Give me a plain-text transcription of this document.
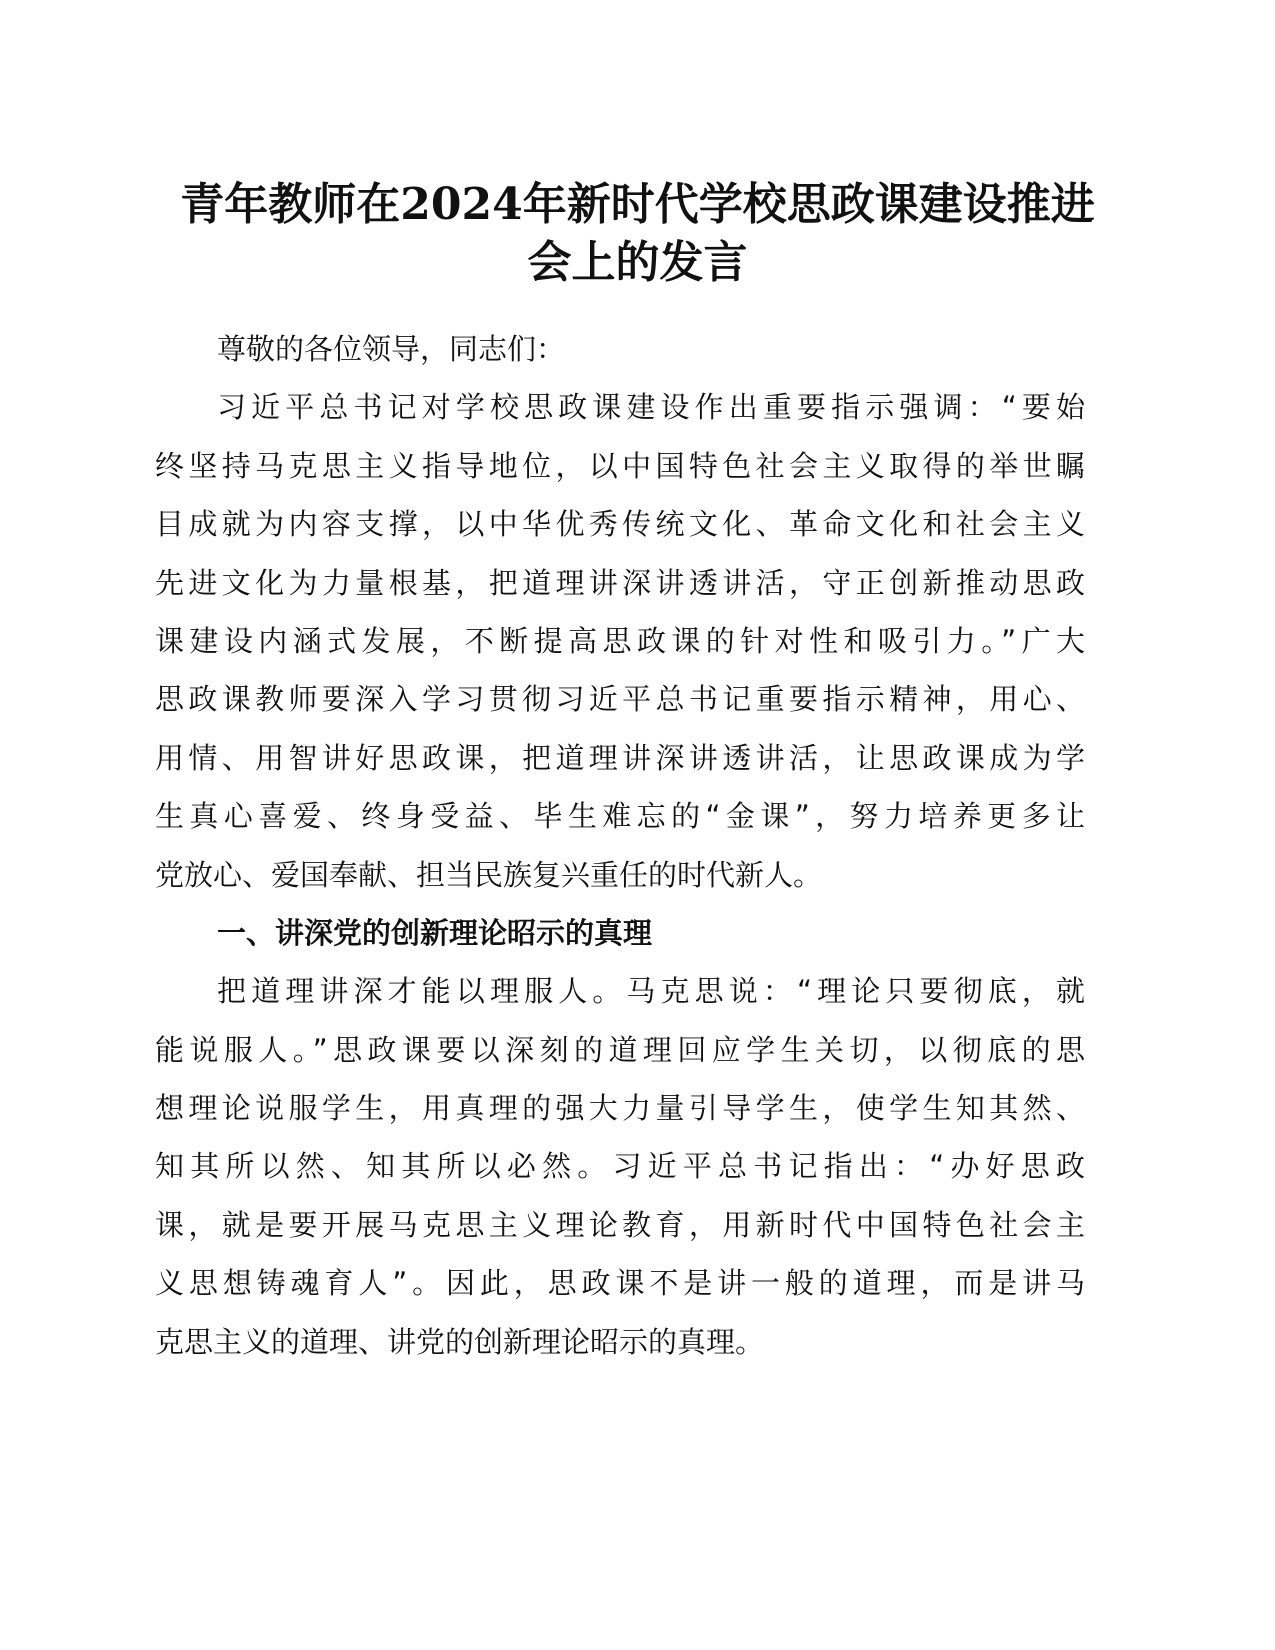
青年教师在2024年新时代学校思政课建设推进
会上的发言
尊敬的各位领导，同志们：
习近平总书记对学校思政课建设作出重要指示强调：“要始
终坚持马克思主义指导地位，以中国特色社会主义取得的举世瞩
目成就为内容支撑，以中华优秀传统文化、革命文化和社会主义
先进文化为力量根基，把道理讲深讲透讲活，守正创新推动思政
课建设内涵式发展，不断提高思政课的针对性和吸引力。”广大
思政课教师要深入学习贯彻习近平总书记重要指示精神，用心、
用情、用智讲好思政课，把道理讲深讲透讲活，让思政课成为学
生真心喜爱、终身受益、毕生难忘的“金课”，努力培养更多让
党放心、爱国奉献、担当民族复兴重任的时代新人。
一、讲深党的创新理论昭示的真理
把道理讲深才能以理服人。马克思说：“理论只要彻底，就
能说服人。”思政课要以深刻的道理回应学生关切，以彻底的思
想理论说服学生，用真理的强大力量引导学生，使学生知其然、
知其所以然、知其所以必然。习近平总书记指出：“办好思政
课，就是要开展马克思主义理论教育，用新时代中国特色社会主
义思想铸魂育人”。因此，思政课不是讲一般的道理，而是讲马
克思主义的道理、讲党的创新理论昭示的真理。
